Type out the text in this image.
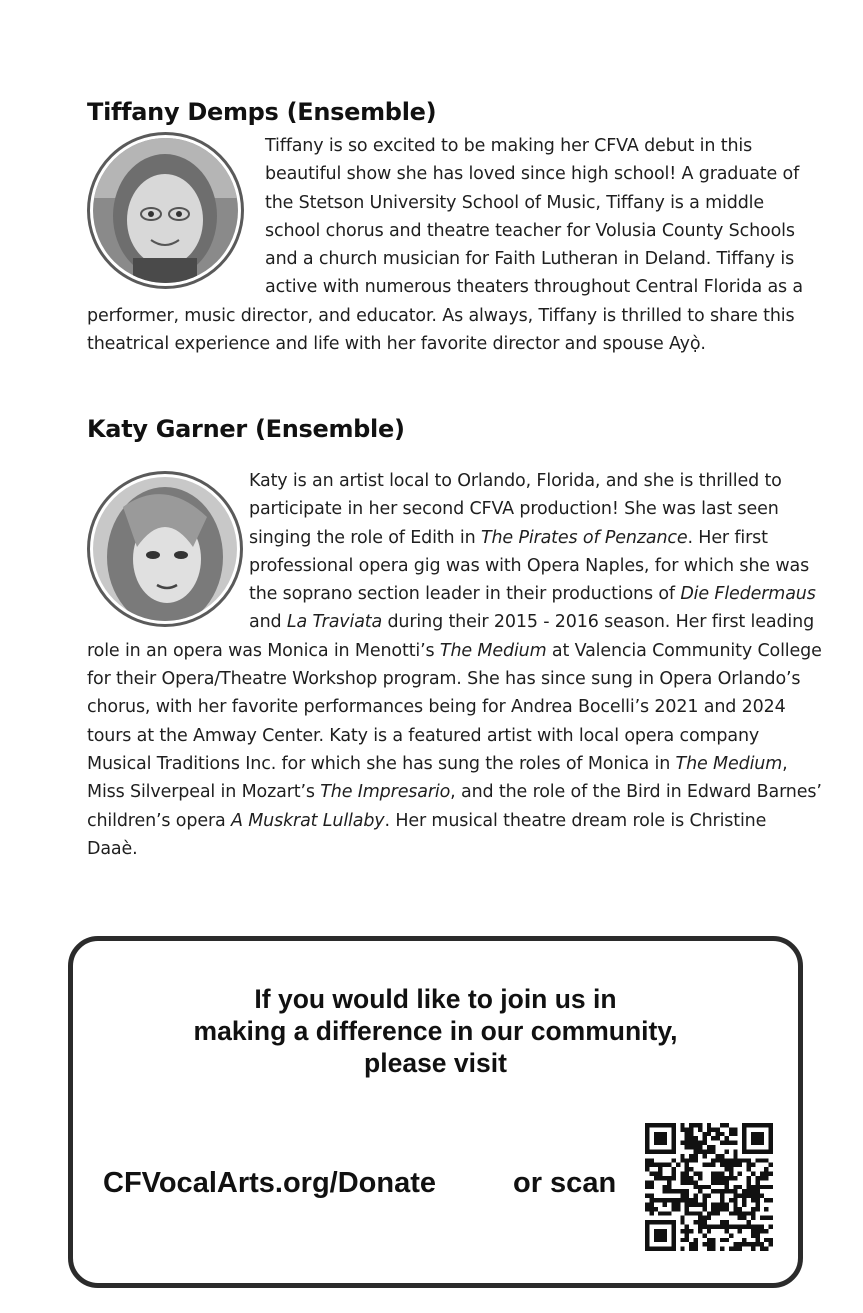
Tiffany Demps (Ensemble)

Tiffany is so excited to be making her CFVA debut in this beautiful show she has loved since high school! A graduate of the Stetson University School of Music, Tiffany is a middle school chorus and theatre teacher for Volusia County Schools and a church musician for Faith Lutheran in Deland. Tiffany is active with numerous theaters throughout Central Florida as a performer, music director, and educator. As always, Tiffany is thrilled to share this theatrical experience and life with her favorite director and spouse Ayọ̀.

Katy Garner (Ensemble)

Katy is an artist local to Orlando, Florida, and she is thrilled to participate in her second CFVA production! She was last seen singing the role of Edith in The Pirates of Penzance. Her first professional opera gig was with Opera Naples, for which she was the soprano section leader in their productions of Die Fledermaus and La Traviata during their 2015 - 2016 season. Her first leading role in an opera was Monica in Menotti’s The Medium at Valencia Community College for their Opera/Theatre Workshop program. She has since sung in Opera Orlando’s chorus, with her favorite performances being for Andrea Bocelli’s 2021 and 2024 tours at the Amway Center. Katy is a featured artist with local opera company Musical Traditions Inc. for which she has sung the roles of Monica in The Medium, Miss Silverpeal in Mozart’s The Impresario, and the role of the Bird in Edward Barnes’ children’s opera A Muskrat Lullaby. Her musical theatre dream role is Christine Daaè.

If you would like to join us in
making a difference in our community,
please visit
CFVocalArts.org/Donate	or scan
